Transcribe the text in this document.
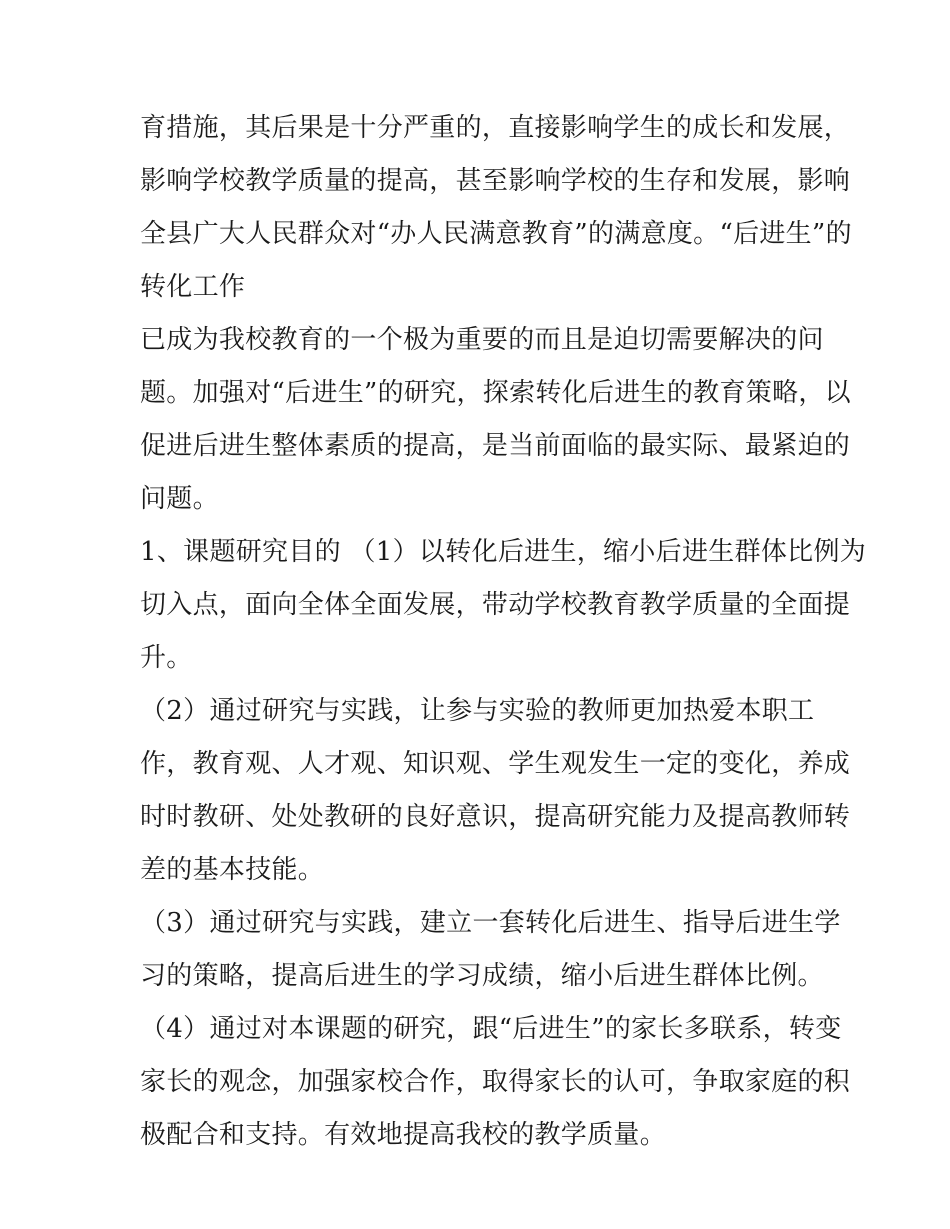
育措施，其后果是十分严重的，直接影响学生的成长和发展，
影响学校教学质量的提高，甚至影响学校的生存和发展，影响
全县广大人民群众对“办人民满意教育”的满意度。“后进生”的
转化工作
已成为我校教育的一个极为重要的而且是迫切需要解决的问
题。加强对“后进生”的研究，探索转化后进生的教育策略，以
促进后进生整体素质的提高，是当前面临的最实际、最紧迫的
问题。
1、课题研究目的 （1）以转化后进生，缩小后进生群体比例为
切入点，面向全体全面发展，带动学校教育教学质量的全面提
升。
（2）通过研究与实践，让参与实验的教师更加热爱本职工
作，教育观、人才观、知识观、学生观发生一定的变化，养成
时时教研、处处教研的良好意识，提高研究能力及提高教师转
差的基本技能。
（3）通过研究与实践，建立一套转化后进生、指导后进生学
习的策略，提高后进生的学习成绩，缩小后进生群体比例。
（4）通过对本课题的研究，跟“后进生”的家长多联系，转变
家长的观念，加强家校合作，取得家长的认可，争取家庭的积
极配合和支持。有效地提高我校的教学质量。
